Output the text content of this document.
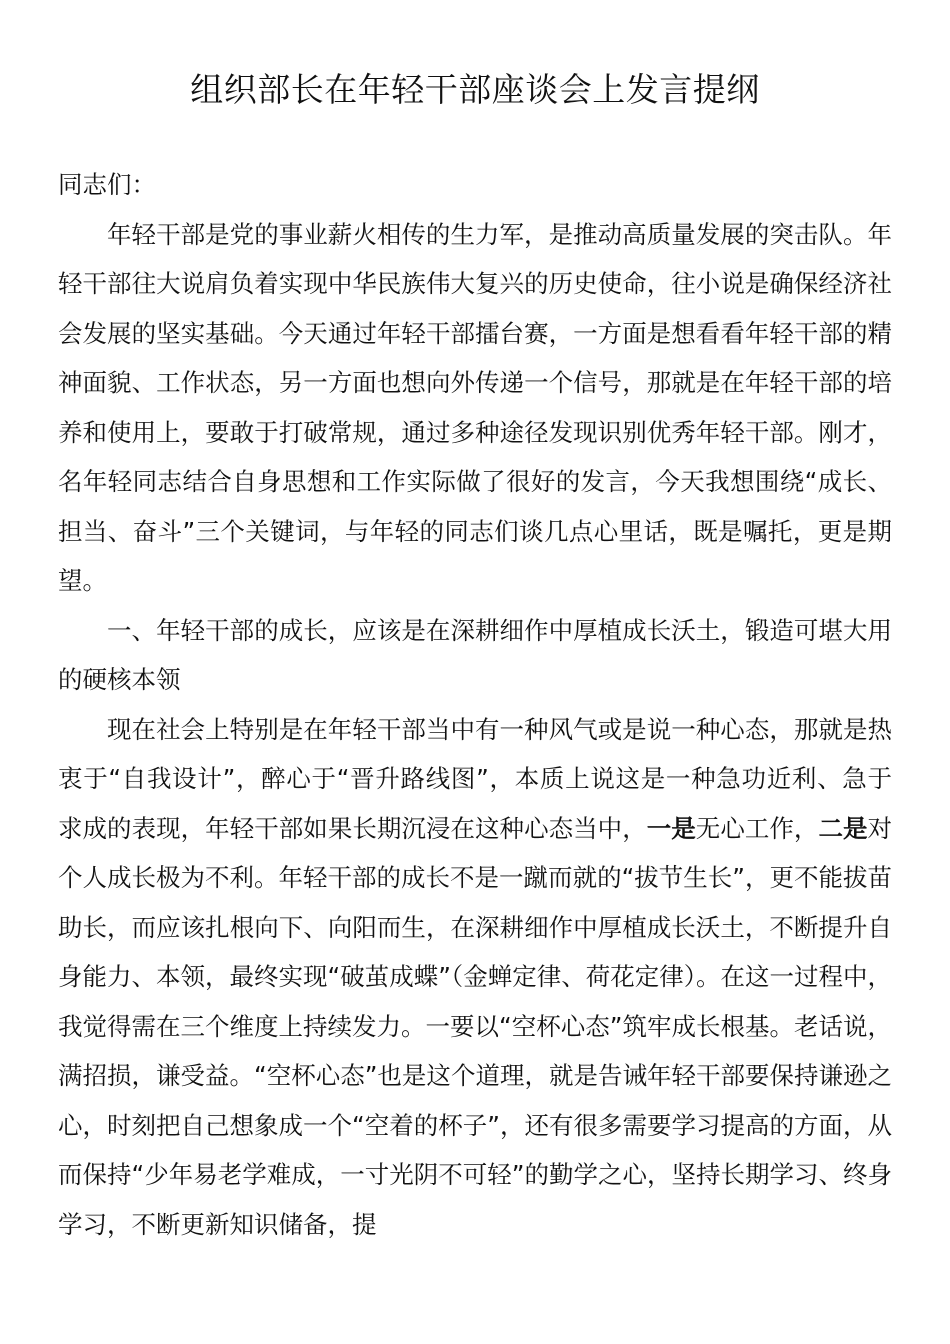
组织部长在年轻干部座谈会上发言提纲

同志们：

年轻干部是党的事业薪火相传的生力军，是推动高质量发展的突击队。年轻干部往大说肩负着实现中华民族伟大复兴的历史使命，往小说是确保经济社会发展的坚实基础。今天通过年轻干部擂台赛，一方面是想看看年轻干部的精神面貌、工作状态，另一方面也想向外传递一个信号，那就是在年轻干部的培养和使用上，要敢于打破常规，通过多种途径发现识别优秀年轻干部。刚才，名年轻同志结合自身思想和工作实际做了很好的发言，今天我想围绕“成长、担当、奋斗”三个关键词，与年轻的同志们谈几点心里话，既是嘱托，更是期望。

一、年轻干部的成长，应该是在深耕细作中厚植成长沃土，锻造可堪大用的硬核本领

现在社会上特别是在年轻干部当中有一种风气或是说一种心态，那就是热衷于“自我设计”，醉心于“晋升路线图”，本质上说这是一种急功近利、急于求成的表现，年轻干部如果长期沉浸在这种心态当中，一是无心工作，二是对个人成长极为不利。年轻干部的成长不是一蹴而就的“拔节生长”，更不能拔苗助长，而应该扎根向下、向阳而生，在深耕细作中厚植成长沃土，不断提升自身能力、本领，最终实现“破茧成蝶”（金蝉定律、荷花定律）。在这一过程中，我觉得需在三个维度上持续发力。一要以“空杯心态”筑牢成长根基。老话说，满招损，谦受益。“空杯心态”也是这个道理，就是告诫年轻干部要保持谦逊之心，时刻把自己想象成一个“空着的杯子”，还有很多需要学习提高的方面，从而保持“少年易老学难成，一寸光阴不可轻”的勤学之心，坚持长期学习、终身学习，不断更新知识储备，提
